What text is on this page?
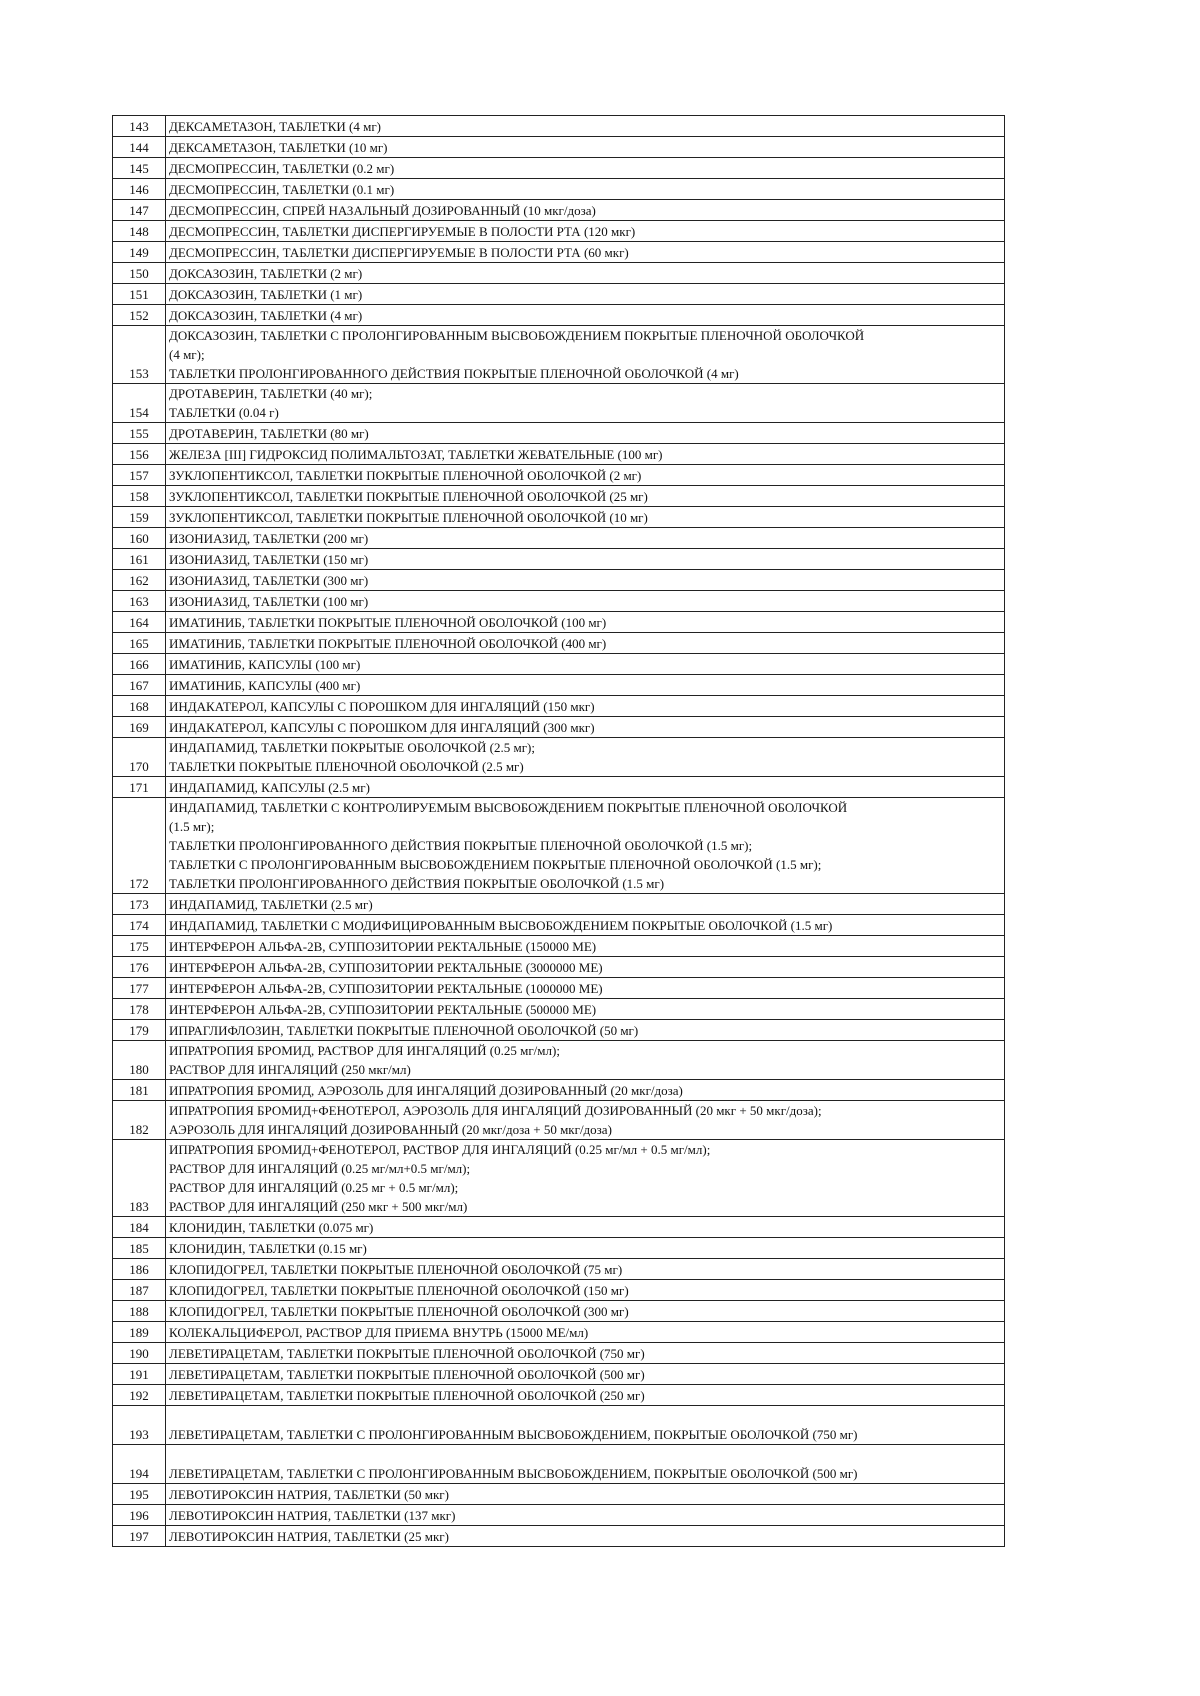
143	ДЕКСАМЕТАЗОН, ТАБЛЕТКИ (4 мг)

144	ДЕКСАМЕТАЗОН, ТАБЛЕТКИ (10 мг)

145	ДЕСМОПРЕССИН, ТАБЛЕТКИ (0.2 мг)

146	ДЕСМОПРЕССИН, ТАБЛЕТКИ (0.1 мг)

147	ДЕСМОПРЕССИН, СПРЕЙ НАЗАЛЬНЫЙ ДОЗИРОВАННЫЙ (10 мкг/доза)

148	ДЕСМОПРЕССИН, ТАБЛЕТКИ ДИСПЕРГИРУЕМЫЕ В ПОЛОСТИ РТА (120 мкг)

149	ДЕСМОПРЕССИН, ТАБЛЕТКИ ДИСПЕРГИРУЕМЫЕ В ПОЛОСТИ РТА (60 мкг)

150	ДОКСАЗОЗИН, ТАБЛЕТКИ (2 мг)

151	ДОКСАЗОЗИН, ТАБЛЕТКИ (1 мг)

152	ДОКСАЗОЗИН, ТАБЛЕТКИ (4 мг)

153	ДОКСАЗОЗИН, ТАБЛЕТКИ С ПРОЛОНГИРОВАННЫМ ВЫСВОБОЖДЕНИЕМ ПОКРЫТЫЕ ПЛЕНОЧНОЙ ОБОЛОЧКОЙ
(4 мг);
ТАБЛЕТКИ ПРОЛОНГИРОВАННОГО ДЕЙСТВИЯ ПОКРЫТЫЕ ПЛЕНОЧНОЙ ОБОЛОЧКОЙ (4 мг)

154	ДРОТАВЕРИН, ТАБЛЕТКИ (40 мг);
ТАБЛЕТКИ (0.04 г)

155	ДРОТАВЕРИН, ТАБЛЕТКИ (80 мг)

156	ЖЕЛЕЗА [III] ГИДРОКСИД ПОЛИМАЛЬТОЗАТ, ТАБЛЕТКИ ЖЕВАТЕЛЬНЫЕ (100 мг)

157	ЗУКЛОПЕНТИКСОЛ, ТАБЛЕТКИ ПОКРЫТЫЕ ПЛЕНОЧНОЙ ОБОЛОЧКОЙ (2 мг)

158	ЗУКЛОПЕНТИКСОЛ, ТАБЛЕТКИ ПОКРЫТЫЕ ПЛЕНОЧНОЙ ОБОЛОЧКОЙ (25 мг)

159	ЗУКЛОПЕНТИКСОЛ, ТАБЛЕТКИ ПОКРЫТЫЕ ПЛЕНОЧНОЙ ОБОЛОЧКОЙ (10 мг)

160	ИЗОНИАЗИД, ТАБЛЕТКИ (200 мг)

161	ИЗОНИАЗИД, ТАБЛЕТКИ (150 мг)

162	ИЗОНИАЗИД, ТАБЛЕТКИ (300 мг)

163	ИЗОНИАЗИД, ТАБЛЕТКИ (100 мг)

164	ИМАТИНИБ, ТАБЛЕТКИ ПОКРЫТЫЕ ПЛЕНОЧНОЙ ОБОЛОЧКОЙ (100 мг)

165	ИМАТИНИБ, ТАБЛЕТКИ ПОКРЫТЫЕ ПЛЕНОЧНОЙ ОБОЛОЧКОЙ (400 мг)

166	ИМАТИНИБ, КАПСУЛЫ (100 мг)

167	ИМАТИНИБ, КАПСУЛЫ (400 мг)

168	ИНДАКАТЕРОЛ, КАПСУЛЫ С ПОРОШКОМ ДЛЯ ИНГАЛЯЦИЙ (150 мкг)

169	ИНДАКАТЕРОЛ, КАПСУЛЫ С ПОРОШКОМ ДЛЯ ИНГАЛЯЦИЙ (300 мкг)

170	ИНДАПАМИД, ТАБЛЕТКИ ПОКРЫТЫЕ ОБОЛОЧКОЙ (2.5 мг);
ТАБЛЕТКИ ПОКРЫТЫЕ ПЛЕНОЧНОЙ ОБОЛОЧКОЙ (2.5 мг)

171	ИНДАПАМИД, КАПСУЛЫ (2.5 мг)

172	ИНДАПАМИД, ТАБЛЕТКИ С КОНТРОЛИРУЕМЫМ ВЫСВОБОЖДЕНИЕМ ПОКРЫТЫЕ ПЛЕНОЧНОЙ ОБОЛОЧКОЙ
(1.5 мг);
ТАБЛЕТКИ ПРОЛОНГИРОВАННОГО ДЕЙСТВИЯ ПОКРЫТЫЕ ПЛЕНОЧНОЙ ОБОЛОЧКОЙ (1.5 мг);
ТАБЛЕТКИ С ПРОЛОНГИРОВАННЫМ ВЫСВОБОЖДЕНИЕМ ПОКРЫТЫЕ ПЛЕНОЧНОЙ ОБОЛОЧКОЙ (1.5 мг);
ТАБЛЕТКИ ПРОЛОНГИРОВАННОГО ДЕЙСТВИЯ ПОКРЫТЫЕ ОБОЛОЧКОЙ (1.5 мг)

173	ИНДАПАМИД, ТАБЛЕТКИ (2.5 мг)

174	ИНДАПАМИД, ТАБЛЕТКИ С МОДИФИЦИРОВАННЫМ ВЫСВОБОЖДЕНИЕМ ПОКРЫТЫЕ ОБОЛОЧКОЙ (1.5 мг)

175	ИНТЕРФЕРОН АЛЬФА-2В, СУППОЗИТОРИИ РЕКТАЛЬНЫЕ (150000 МЕ)

176	ИНТЕРФЕРОН АЛЬФА-2В, СУППОЗИТОРИИ РЕКТАЛЬНЫЕ (3000000 МЕ)

177	ИНТЕРФЕРОН АЛЬФА-2В, СУППОЗИТОРИИ РЕКТАЛЬНЫЕ (1000000 МЕ)

178	ИНТЕРФЕРОН АЛЬФА-2В, СУППОЗИТОРИИ РЕКТАЛЬНЫЕ (500000 МЕ)

179	ИПРАГЛИФЛОЗИН, ТАБЛЕТКИ ПОКРЫТЫЕ ПЛЕНОЧНОЙ ОБОЛОЧКОЙ (50 мг)

180	ИПРАТРОПИЯ БРОМИД, РАСТВОР ДЛЯ ИНГАЛЯЦИЙ (0.25 мг/мл);
РАСТВОР ДЛЯ ИНГАЛЯЦИЙ (250 мкг/мл)

181	ИПРАТРОПИЯ БРОМИД, АЭРОЗОЛЬ ДЛЯ ИНГАЛЯЦИЙ ДОЗИРОВАННЫЙ (20 мкг/доза)

182	ИПРАТРОПИЯ БРОМИД+ФЕНОТЕРОЛ, АЭРОЗОЛЬ ДЛЯ ИНГАЛЯЦИЙ ДОЗИРОВАННЫЙ (20 мкг + 50 мкг/доза);
АЭРОЗОЛЬ ДЛЯ ИНГАЛЯЦИЙ ДОЗИРОВАННЫЙ (20 мкг/доза + 50 мкг/доза)

183	ИПРАТРОПИЯ БРОМИД+ФЕНОТЕРОЛ, РАСТВОР ДЛЯ ИНГАЛЯЦИЙ (0.25 мг/мл + 0.5 мг/мл);
РАСТВОР ДЛЯ ИНГАЛЯЦИЙ (0.25 мг/мл+0.5 мг/мл);
РАСТВОР ДЛЯ ИНГАЛЯЦИЙ (0.25 мг + 0.5 мг/мл);
РАСТВОР ДЛЯ ИНГАЛЯЦИЙ (250 мкг + 500 мкг/мл)

184	КЛОНИДИН, ТАБЛЕТКИ (0.075 мг)

185	КЛОНИДИН, ТАБЛЕТКИ (0.15 мг)

186	КЛОПИДОГРЕЛ, ТАБЛЕТКИ ПОКРЫТЫЕ ПЛЕНОЧНОЙ ОБОЛОЧКОЙ (75 мг)

187	КЛОПИДОГРЕЛ, ТАБЛЕТКИ ПОКРЫТЫЕ ПЛЕНОЧНОЙ ОБОЛОЧКОЙ (150 мг)

188	КЛОПИДОГРЕЛ, ТАБЛЕТКИ ПОКРЫТЫЕ ПЛЕНОЧНОЙ ОБОЛОЧКОЙ (300 мг)

189	КОЛЕКАЛЬЦИФЕРОЛ, РАСТВОР ДЛЯ ПРИЕМА ВНУТРЬ (15000 МЕ/мл)

190	ЛЕВЕТИРАЦЕТАМ, ТАБЛЕТКИ ПОКРЫТЫЕ ПЛЕНОЧНОЙ ОБОЛОЧКОЙ (750 мг)

191	ЛЕВЕТИРАЦЕТАМ, ТАБЛЕТКИ ПОКРЫТЫЕ ПЛЕНОЧНОЙ ОБОЛОЧКОЙ (500 мг)

192	ЛЕВЕТИРАЦЕТАМ, ТАБЛЕТКИ ПОКРЫТЫЕ ПЛЕНОЧНОЙ ОБОЛОЧКОЙ (250 мг)

193	ЛЕВЕТИРАЦЕТАМ, ТАБЛЕТКИ С ПРОЛОНГИРОВАННЫМ ВЫСВОБОЖДЕНИЕМ, ПОКРЫТЫЕ ОБОЛОЧКОЙ (750 мг)

194	ЛЕВЕТИРАЦЕТАМ, ТАБЛЕТКИ С ПРОЛОНГИРОВАННЫМ ВЫСВОБОЖДЕНИЕМ, ПОКРЫТЫЕ ОБОЛОЧКОЙ (500 мг)

195	ЛЕВОТИРОКСИН НАТРИЯ, ТАБЛЕТКИ (50 мкг)

196	ЛЕВОТИРОКСИН НАТРИЯ, ТАБЛЕТКИ (137 мкг)

197	ЛЕВОТИРОКСИН НАТРИЯ, ТАБЛЕТКИ (25 мкг)
